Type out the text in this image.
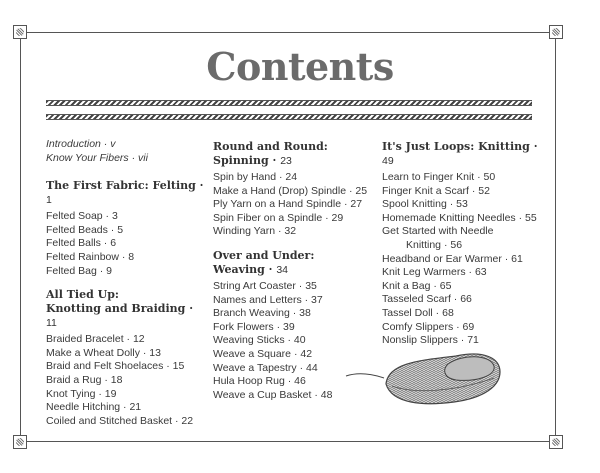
Contents
Introduction · v
Know Your Fibers · vii
The First Fabric: Felting · 1
Felted Soap · 3
Felted Beads · 5
Felted Balls · 6
Felted Rainbow · 8
Felted Bag · 9
All Tied Up:
Knotting and Braiding · 11
Braided Bracelet · 12
Make a Wheat Dolly · 13
Braid and Felt Shoelaces · 15
Braid a Rug · 18
Knot Tying · 19
Needle Hitching · 21
Coiled and Stitched Basket · 22
Round and Round:
Spinning · 23
Spin by Hand · 24
Make a Hand (Drop) Spindle · 25
Ply Yarn on a Hand Spindle · 27
Spin Fiber on a Spindle · 29
Winding Yarn · 32
Over and Under:
Weaving · 34
String Art Coaster · 35
Names and Letters · 37
Branch Weaving · 38
Fork Flowers · 39
Weaving Sticks · 40
Weave a Square · 42
Weave a Tapestry · 44
Hula Hoop Rug · 46
Weave a Cup Basket · 48
It's Just Loops: Knitting · 49
Learn to Finger Knit · 50
Finger Knit a Scarf · 52
Spool Knitting · 53
Homemade Knitting Needles · 55
Get Started with Needle
Knitting · 56
Headband or Ear Warmer · 61
Knit Leg Warmers · 63
Knit a Bag · 65
Tasseled Scarf · 66
Tassel Doll · 68
Comfy Slippers · 69
Nonslip Slippers · 71
